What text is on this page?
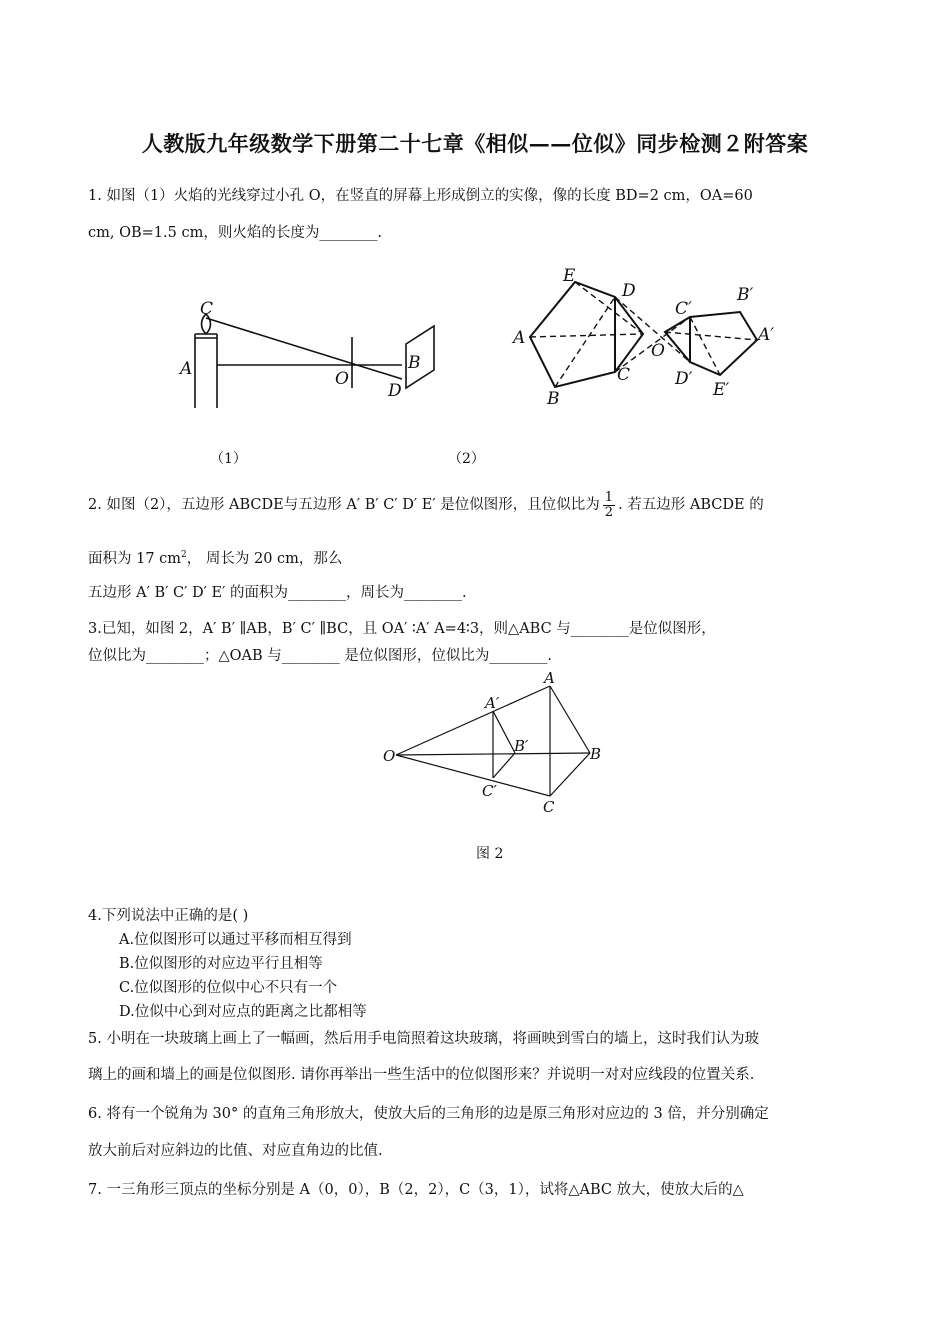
人教版九年级数学下册第二十七章《相似——位似》同步检测２附答案
1. 如图（1）火焰的光线穿过小孔 O，在竖直的屏幕上形成倒立的实像，像的长度 BD=2 cm，OA=60
cm, OB=1.5 cm，则火焰的长度为________.
C
A	O
B
D
E
D
A
C
B
O
C′
B′
A′
D′
E′
（1）	（2）
2. 如图（2），五边形 ABCDE与五边形 A′ B′ C′ D′ E′ 是位似图形，且位似比为 $\frac{1}{2}$ . 若五边形 ABCDE 的
面积为 17 $cm^2$， 周长为 20 cm，那么
五边形 A′ B′ C′ D′ E′ 的面积为________，周长为________.
3.已知，如图 2，A′ B′ ∥AB，B′ C′ ∥BC，且 OA′ ∶A′ A=4∶3，则△ABC 与________是位似图形，
位似比为________；△OAB 与________ 是位似图形，位似比为________.
A
A′
B′	B
O
C′
C
图 2
4.下列说法中正确的是( )
A.位似图形可以通过平移而相互得到
B.位似图形的对应边平行且相等
C.位似图形的位似中心不只有一个
D.位似中心到对应点的距离之比都相等
5. 小明在一块玻璃上画上了一幅画，然后用手电筒照着这块玻璃，将画映到雪白的墙上，这时我们认为玻
璃上的画和墙上的画是位似图形. 请你再举出一些生活中的位似图形来？并说明一对对应线段的位置关系.
6. 将有一个锐角为 30° 的直角三角形放大，使放大后的三角形的边是原三角形对应边的 3 倍，并分别确定
放大前后对应斜边的比值、对应直角边的比值.
7. 一三角形三顶点的坐标分别是 A（0，0），B（2，2），C（3，1），试将△ABC 放大，使放大后的△
